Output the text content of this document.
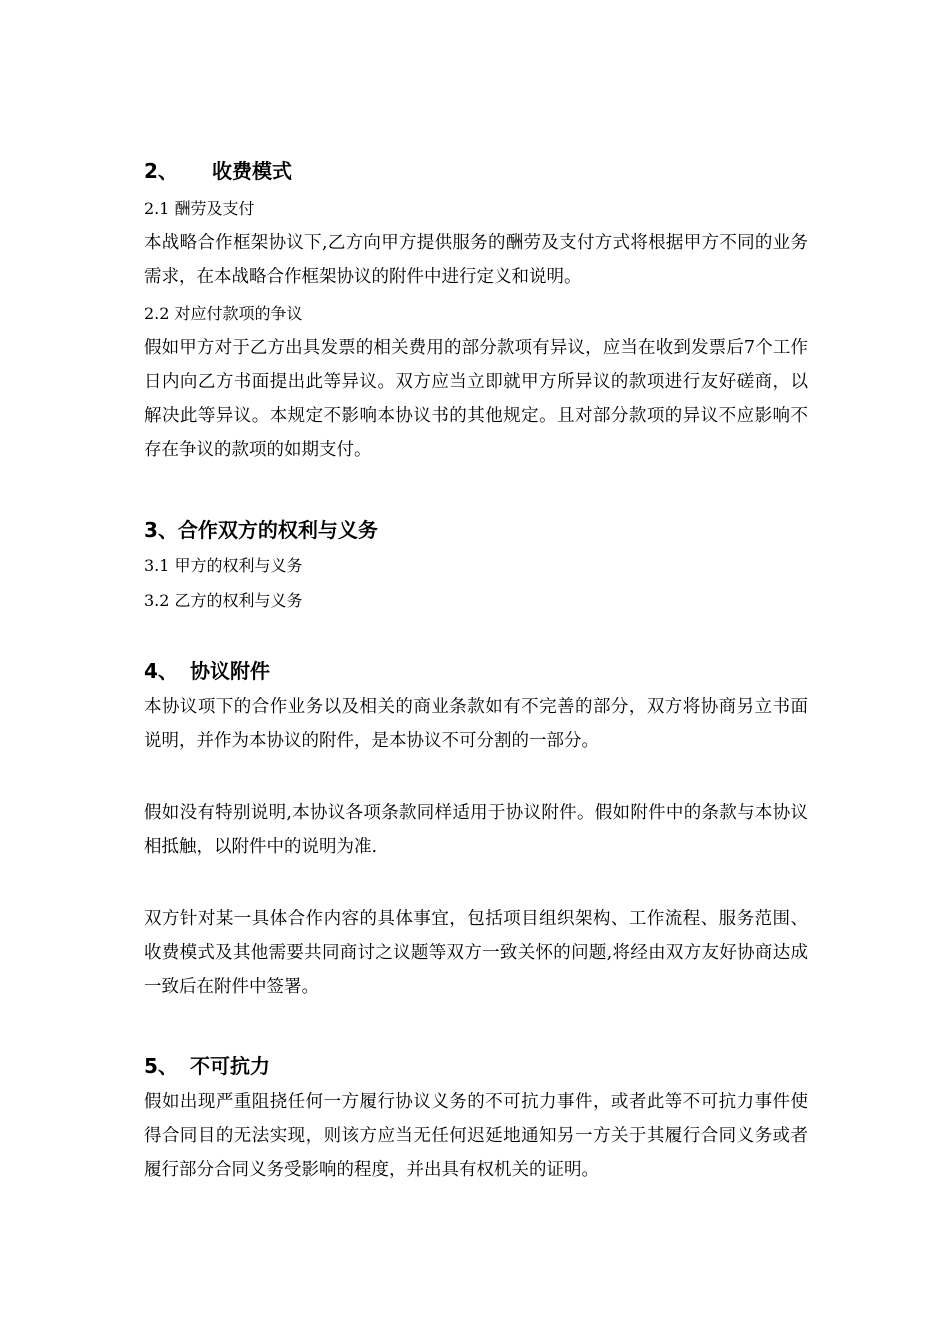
2、 收费模式
2.1 酬劳及支付

本战略合作框架协议下,乙方向甲方提供服务的酬劳及支付方式将根据甲方不同的业务需求，在本战略合作框架协议的附件中进行定义和说明。

2.2 对应付款项的争议

假如甲方对于乙方出具发票的相关费用的部分款项有异议，应当在收到发票后7个工作日内向乙方书面提出此等异议。双方应当立即就甲方所异议的款项进行友好磋商，以解决此等异议。本规定不影响本协议书的其他规定。且对部分款项的异议不应影响不存在争议的款项的如期支付。

3、合作双方的权利与义务
3.1 甲方的权利与义务
3.2 乙方的权利与义务
4、 协议附件

本协议项下的合作业务以及相关的商业条款如有不完善的部分，双方将协商另立书面说明，并作为本协议的附件，是本协议不可分割的一部分。

假如没有特别说明,本协议各项条款同样适用于协议附件。假如附件中的条款与本协议相抵触，以附件中的说明为准.

双方针对某一具体合作内容的具体事宜，包括项目组织架构、工作流程、服务范围、收费模式及其他需要共同商讨之议题等双方一致关怀的问题,将经由双方友好协商达成一致后在附件中签署。

5、 不可抗力

假如出现严重阻挠任何一方履行协议义务的不可抗力事件，或者此等不可抗力事件使得合同目的无法实现，则该方应当无任何迟延地通知另一方关于其履行合同义务或者履行部分合同义务受影响的程度，并出具有权机关的证明。
